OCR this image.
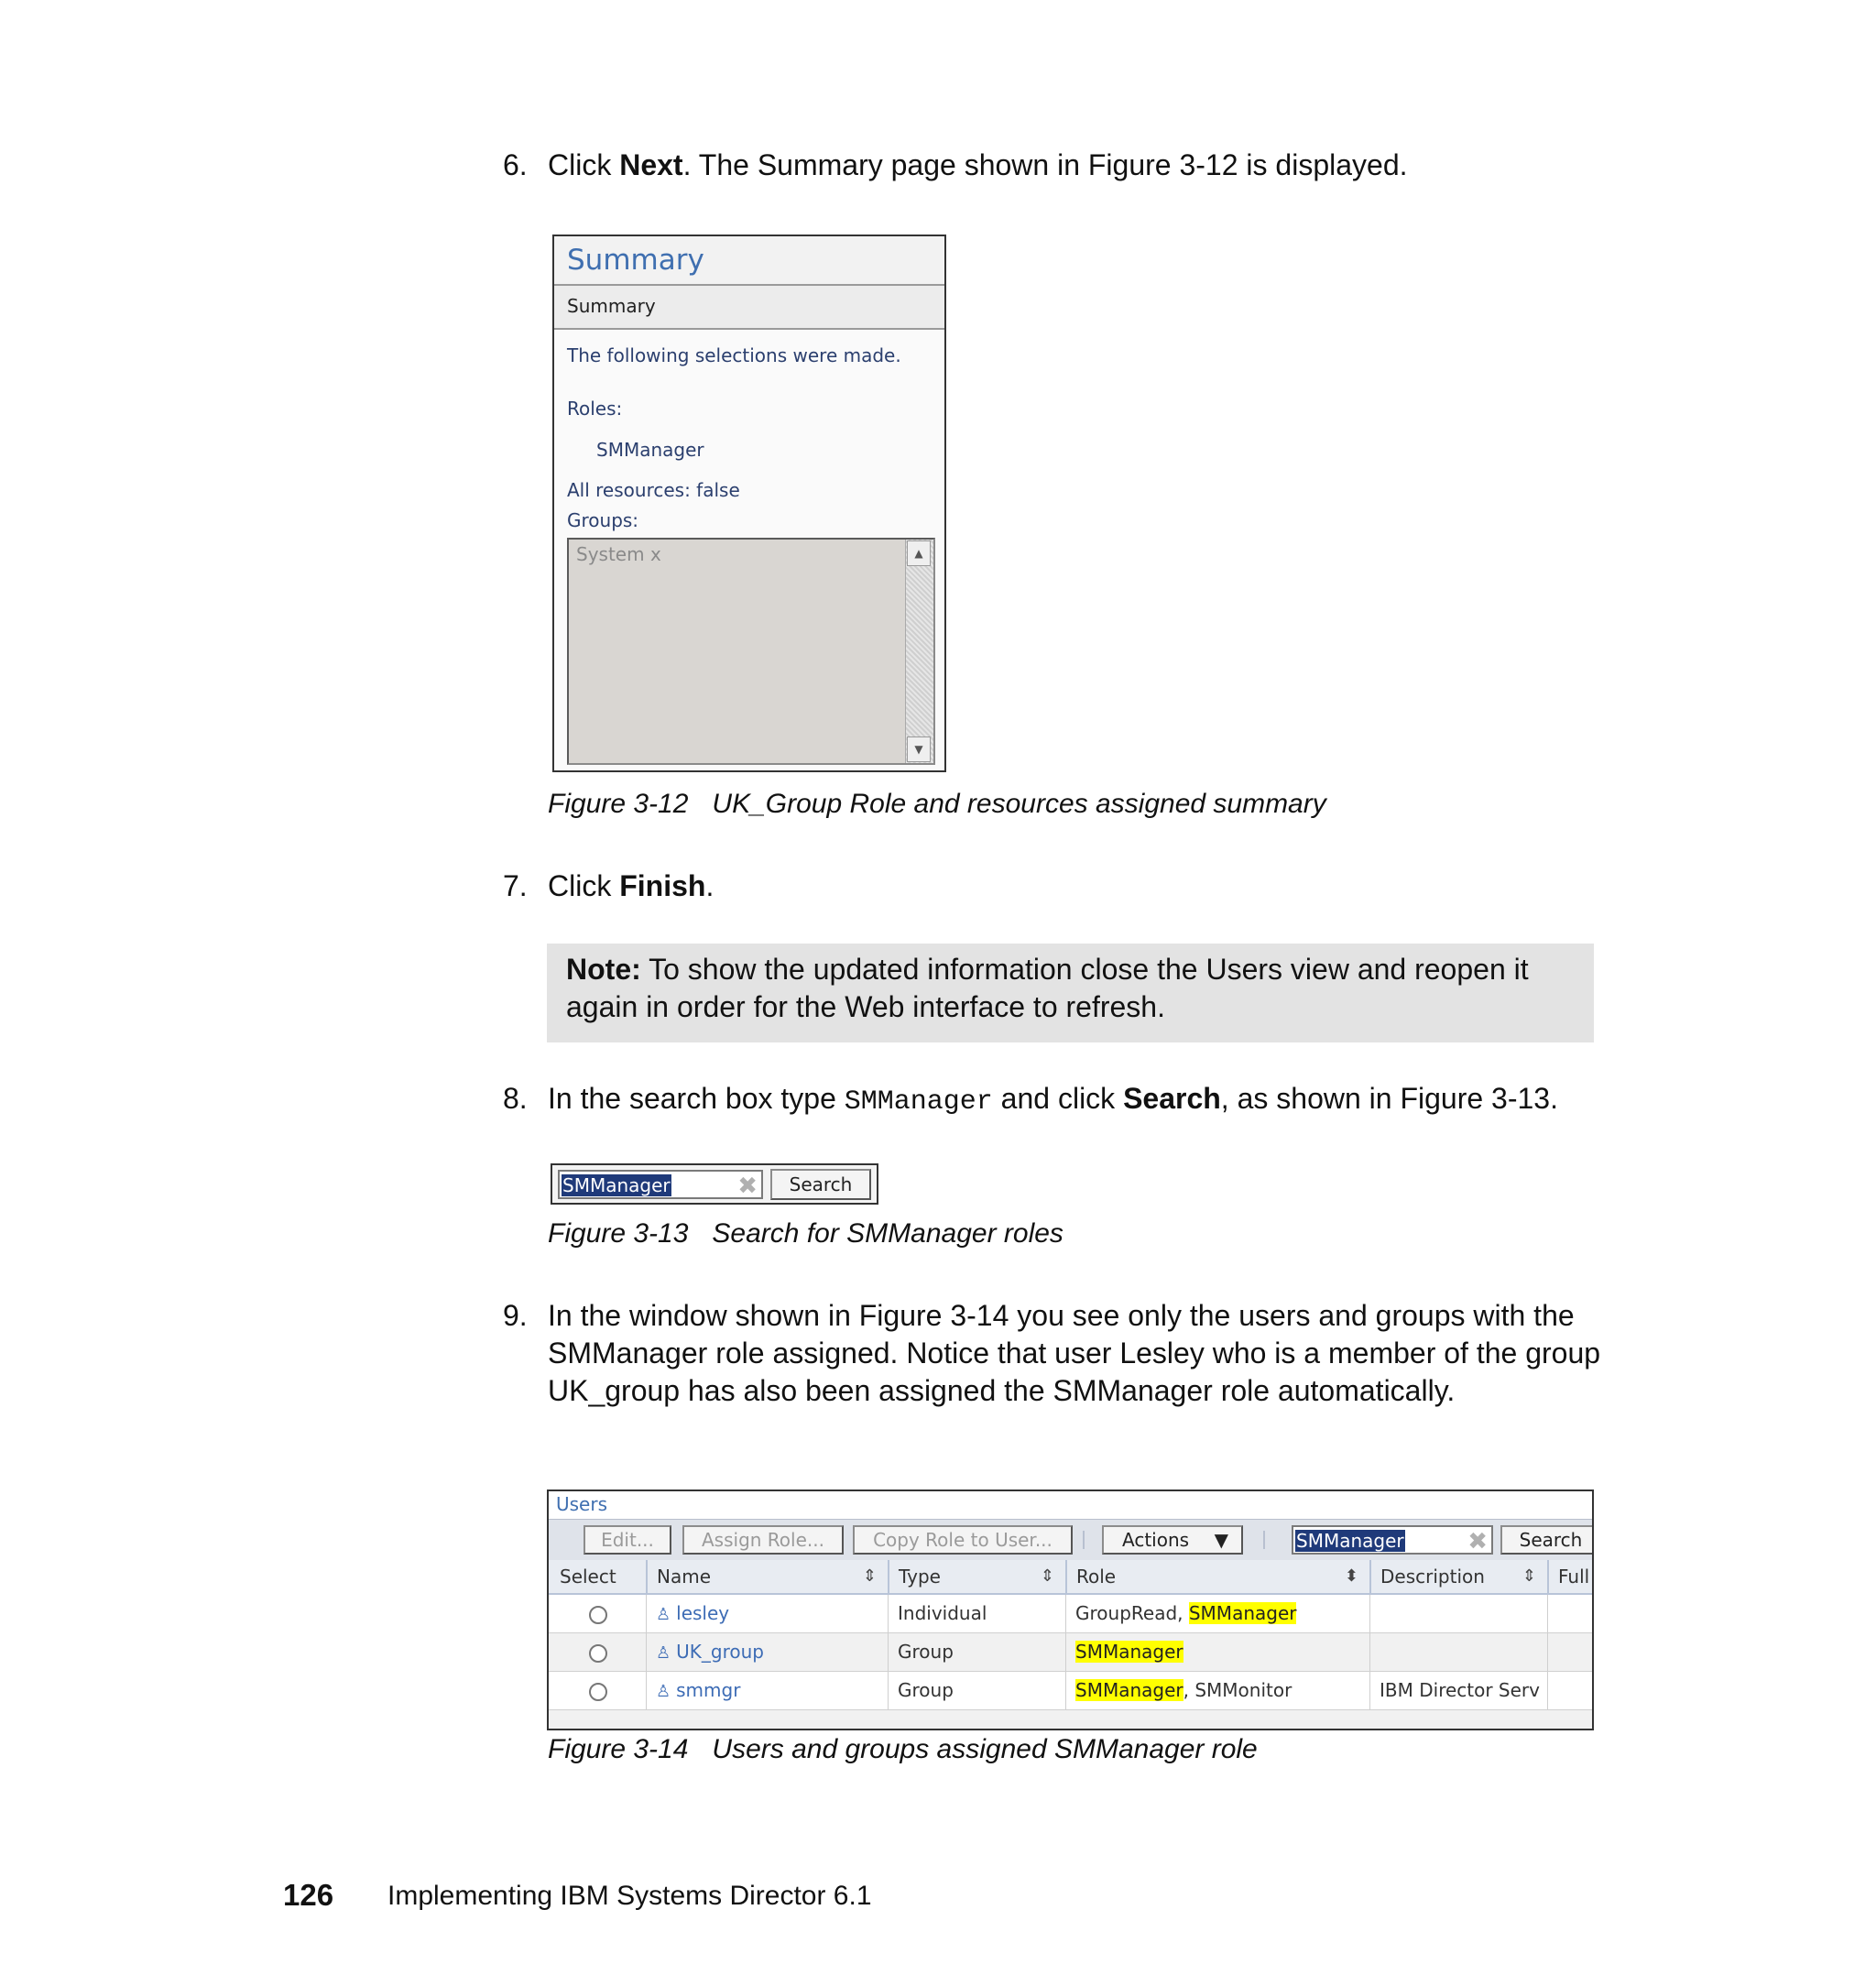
6. Click Next. The Summary page shown in Figure 3-12 is displayed.
Summary
Summary
The following selections were made.
Roles:
SMManager
All resources: false
Groups:
System x	▲
▼
Figure 3-12 UK_Group Role and resources assigned summary
7. Click Finish.
Note: To show the updated information close the Users view and reopen it again in order for the Web interface to refresh.
8. In the search box type SMManager and click Search, as shown in Figure 3-13.
SMManager	✖	Search
Figure 3-13 Search for SMManager roles
9. In the window shown in Figure 3-14 you see only the users and groups with the SMManager role assigned. Notice that user Lesley who is a member of the group UK_group has also been assigned the SMManager role automatically.
Users
Edit...	Assign Role...	Copy Role to User...	Actions ▼	SMManager	✖	Search
Select	Name	⇕	Type	⇕	Role	⬍	Description ⇕	Full
♙ lesley	Individual	GroupRead, SMManager
♙ UK_group	Group	SMManager
♙ smmgr	Group	SMManager, SMMonitor	IBM Director Serv
Figure 3-14 Users and groups assigned SMManager role
126 Implementing IBM Systems Director 6.1
